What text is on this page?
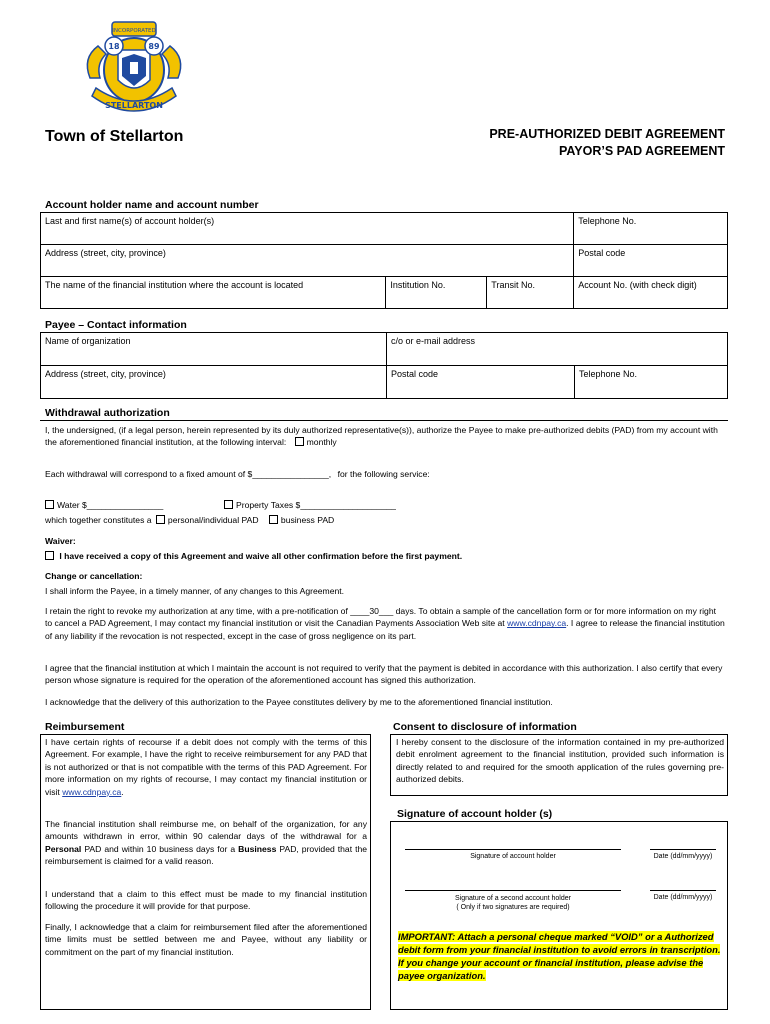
INCORPORATED
18	89
STELLARTON
Town of Stellarton	PRE-AUTHORIZED DEBIT AGREEMENT
PAYOR’S PAD AGREEMENT
Account holder name and account number
Last and first name(s) of account holder(s)			Telephone No.
Address (street, city, province)			Postal code
The name of the financial institution where the account is located	Institution No.	Transit No.	Account No. (with check digit)
Payee – Contact information
Name of organization	c/o or e-mail address	
Address (street, city, province)	Postal code	Telephone No.
Withdrawal authorization
I, the undersigned, (if a legal person, herein represented by its duly authorized representative(s)), authorize the Payee to make pre-authorized debits (PAD) from my account with the aforementioned financial institution, at the following interval: monthly
Each withdrawal will correspond to a fixed amount of $________________, for the following service:
Water $________________	Property Taxes $____________________
which together constitutes a personal/individual PAD	business PAD
Waiver:
I have received a copy of this Agreement and waive all other confirmation before the first payment.
Change or cancellation:
I shall inform the Payee, in a timely manner, of any changes to this Agreement.
I retain the right to revoke my authorization at any time, with a pre-notification of ____30___ days. To obtain a sample of the cancellation form or for more information on my right to cancel a PAD Agreement, I may contact my financial institution or visit the Canadian Payments Association Web site at www.cdnpay.ca. I agree to release the financial institution of any liability if the revocation is not respected, except in the case of gross negligence on its part.
I agree that the financial institution at which I maintain the account is not required to verify that the payment is debited in accordance with this authorization. I also certify that every person whose signature is required for the operation of the aforementioned account has signed this authorization.
I acknowledge that the delivery of this authorization to the Payee constitutes delivery by me to the aforementioned financial institution.
Reimbursement
I have certain rights of recourse if a debit does not comply with the terms of this Agreement. For example, I have the right to receive reimbursement for any PAD that is not authorized or that is not compatible with the terms of this PAD Agreement. For more information on my rights of recourse, I may contact my financial institution or visit www.cdnpay.ca.
The financial institution shall reimburse me, on behalf of the organization, for any amounts withdrawn in error, within 90 calendar days of the withdrawal for a Personal PAD and within 10 business days for a Business PAD, provided that the reimbursement is claimed for a valid reason.
I understand that a claim to this effect must be made to my financial institution following the procedure it will provide for that purpose.
Finally, I acknowledge that a claim for reimbursement filed after the aforementioned time limits must be settled between me and Payee, without any liability or commitment on the part of my financial institution.
Consent to disclosure of information
I hereby consent to the disclosure of the information contained in my pre-authorized debit enrolment agreement to the financial institution, provided such information is directly related to and required for the smooth application of the rules governing pre-authorized debits.
Signature of account holder (s)
Signature of account holder	Date (dd/mm/yyyy)
Signature of a second account holder
( Only if two signatures are required)
Date (dd/mm/yyyy)
IMPORTANT: Attach a personal cheque marked “VOID” or a Authorized debit form from your financial institution to avoid errors in transcription. If you change your account or financial institution, please advise the payee organization.
